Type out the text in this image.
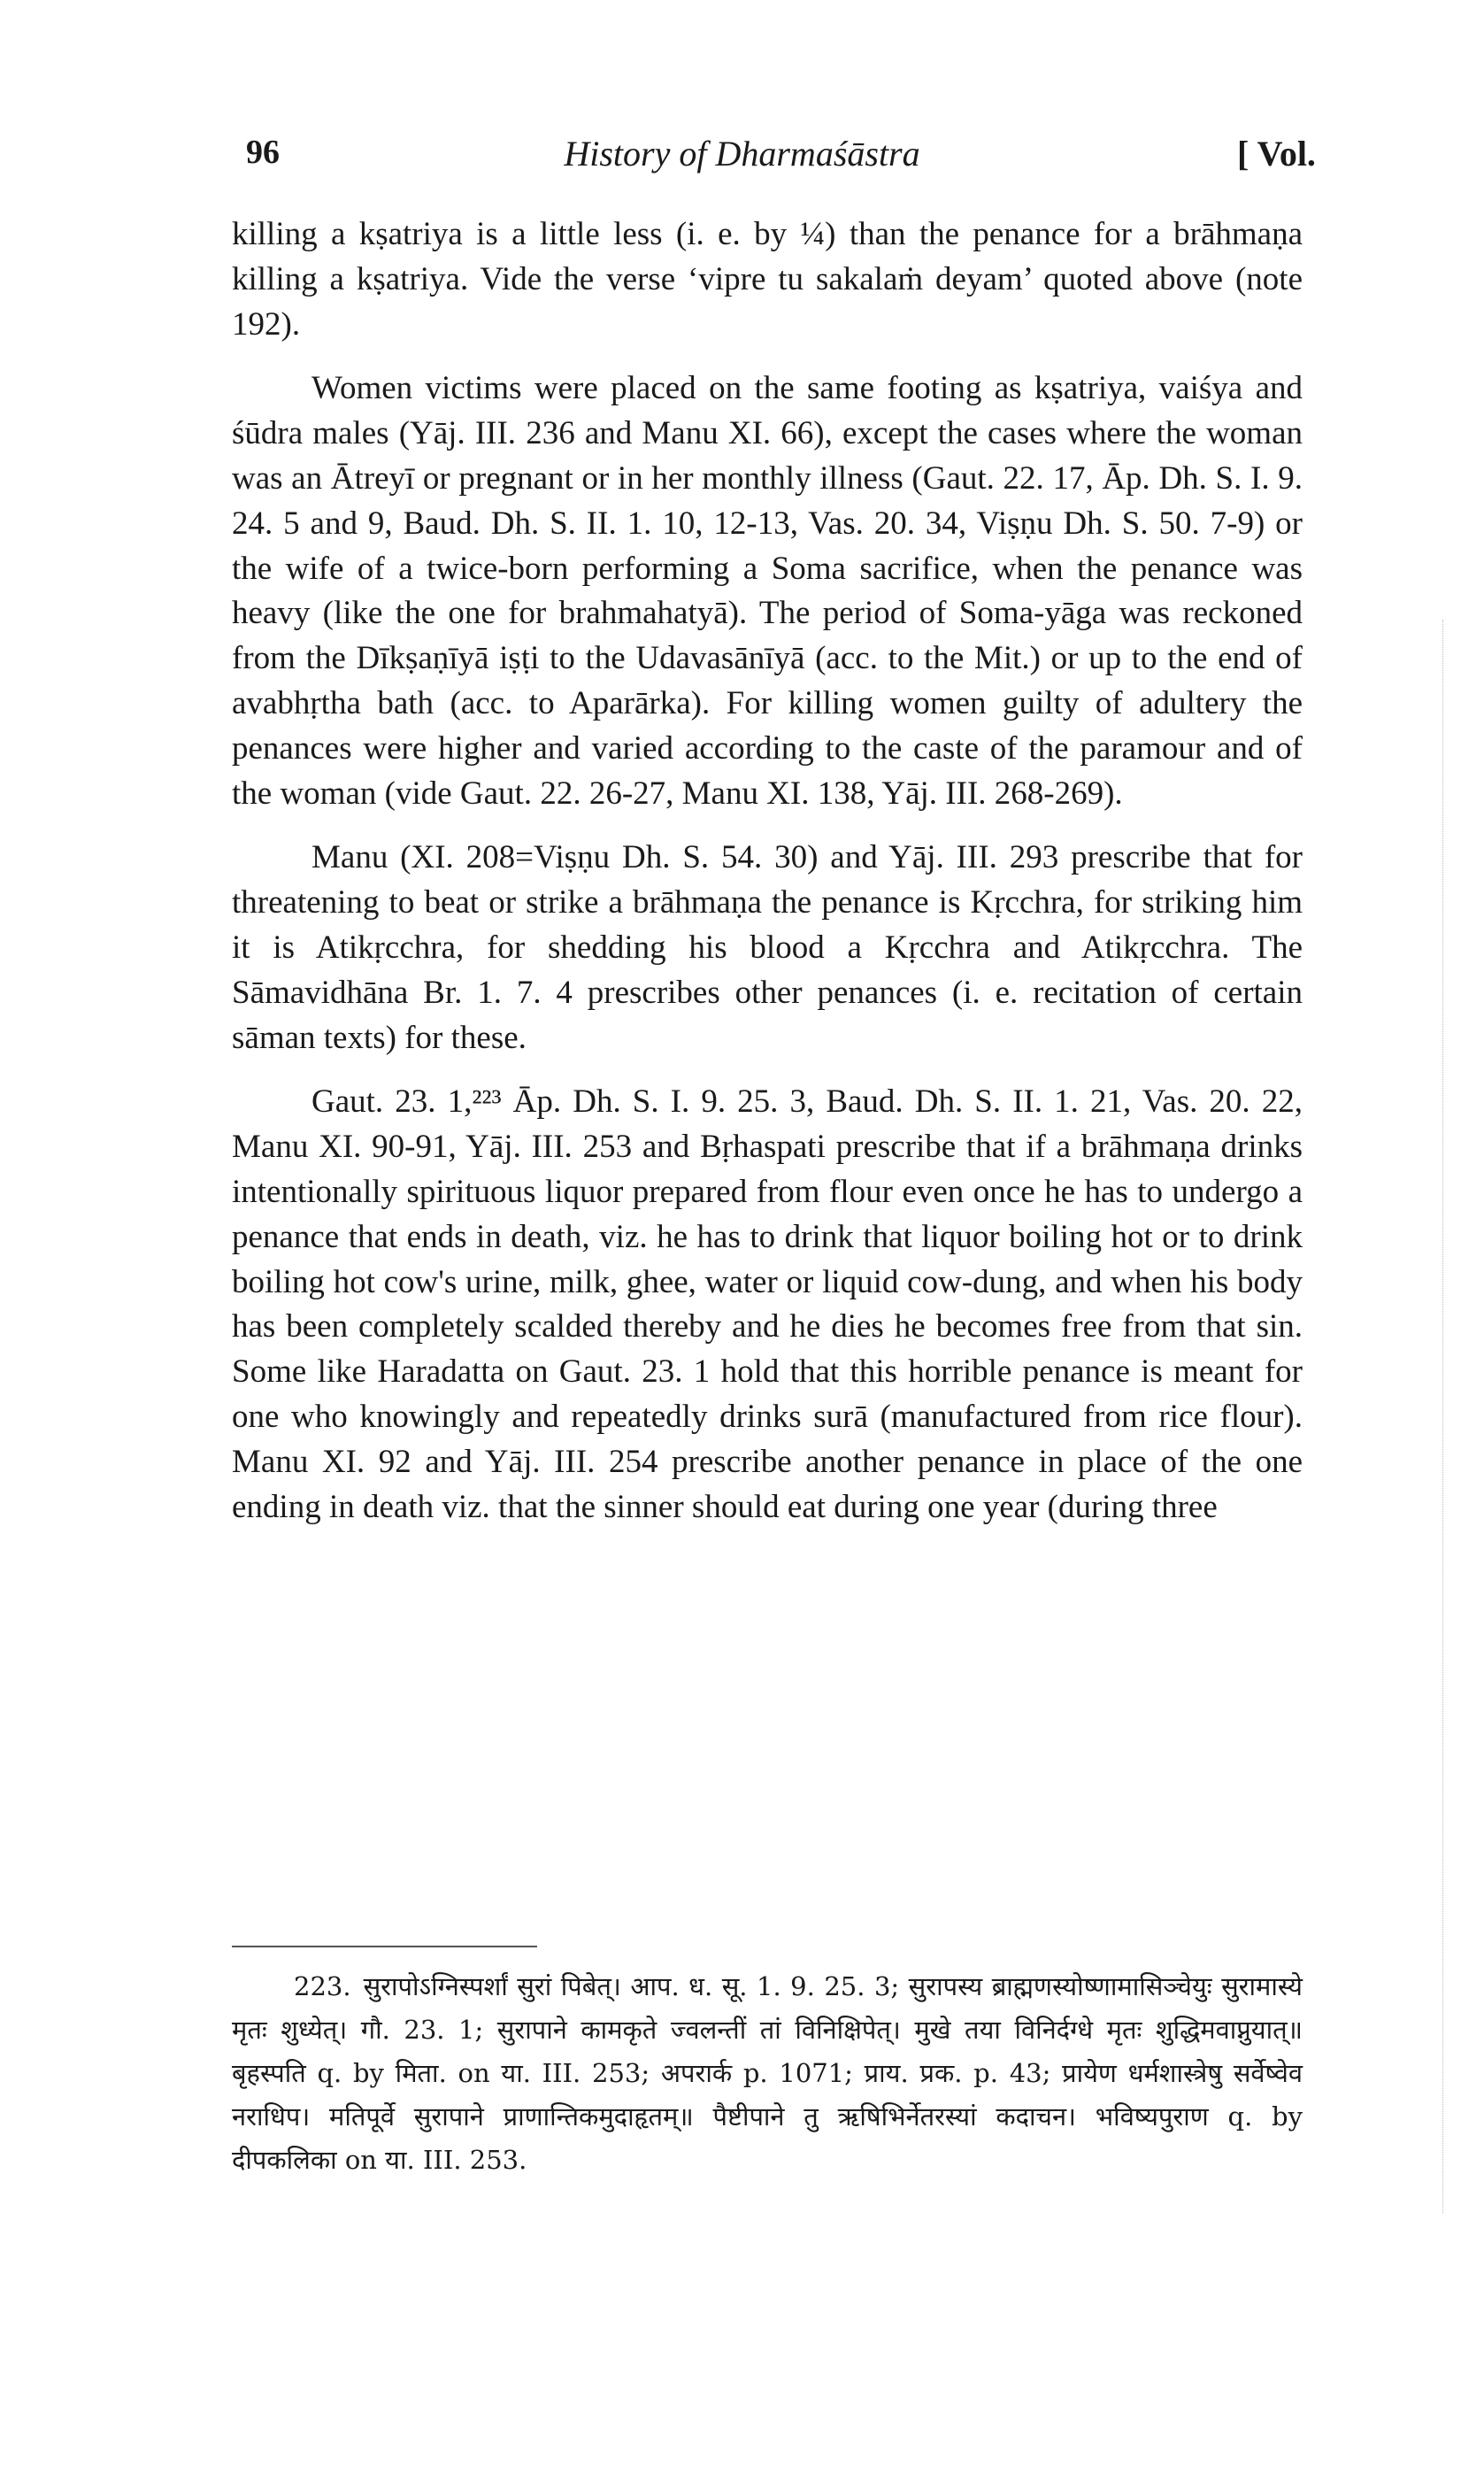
96	History of Dharmaśāstra	[ Vol.

killing a kṣatriya is a little less (i. e. by ¼) than the penance for a brāhmaṇa killing a kṣatriya. Vide the verse ‘vipre tu sakalaṁ deyam’ quoted above (note 192).

Women victims were placed on the same footing as kṣatriya, vaiśya and śūdra males (Yāj. III. 236 and Manu XI. 66), except the cases where the woman was an Ātreyī or pregnant or in her monthly illness (Gaut. 22. 17, Āp. Dh. S. I. 9. 24. 5 and 9, Baud. Dh. S. II. 1. 10, 12-13, Vas. 20. 34, Viṣṇu Dh. S. 50. 7-9) or the wife of a twice-born performing a Soma sacrifice, when the penance was heavy (like the one for brahmahatyā). The period of Soma-yāga was reckoned from the Dīkṣaṇīyā iṣṭi to the Udavasānīyā (acc. to the Mit.) or up to the end of avabhṛtha bath (acc. to Aparārka). For killing women guilty of adultery the penances were higher and varied according to the caste of the paramour and of the woman (vide Gaut. 22. 26-27, Manu XI. 138, Yāj. III. 268-269).

Manu (XI. 208=Viṣṇu Dh. S. 54. 30) and Yāj. III. 293 prescribe that for threatening to beat or strike a brāhmaṇa the penance is Kṛcchra, for striking him it is Atikṛcchra, for shedding his blood a Kṛcchra and Atikṛcchra. The Sāmavidhāna Br. 1. 7. 4 prescribes other penances (i. e. recitation of certain sāman texts) for these.

Gaut. 23. 1,²²³ Āp. Dh. S. I. 9. 25. 3, Baud. Dh. S. II. 1. 21, Vas. 20. 22, Manu XI. 90-91, Yāj. III. 253 and Bṛhaspati prescribe that if a brāhmaṇa drinks intentionally spirituous liquor prepared from flour even once he has to undergo a penance that ends in death, viz. he has to drink that liquor boiling hot or to drink boiling hot cow's urine, milk, ghee, water or liquid cow-dung, and when his body has been completely scalded thereby and he dies he becomes free from that sin. Some like Haradatta on Gaut. 23. 1 hold that this horrible penance is meant for one who knowingly and repeatedly drinks surā (manufactured from rice flour). Manu XI. 92 and Yāj. III. 254 prescribe another penance in place of the one ending in death viz. that the sinner should eat during one year (during three

223. सुरापोऽग्निस्पर्शां सुरां पिबेत्। आप. ध. सू. 1. 9. 25. 3; सुरापस्य ब्राह्मणस्योष्णामासिञ्चेयुः सुरामास्ये मृतः शुध्येत्। गौ. 23. 1; सुरापाने कामकृते ज्वलन्तीं तां विनिक्षिपेत्। मुखे तया विनिर्दग्धे मृतः शुद्धिमवाप्नुयात्॥ बृहस्पति q. by मिता. on या. III. 253; अपरार्क p. 1071; प्राय. प्रक. p. 43; प्रायेण धर्मशास्त्रेषु सर्वेष्वेव नराधिप। मतिपूर्वे सुरापाने प्राणान्तिकमुदाहृतम्॥ पैष्टीपाने तु ऋषिभिर्नेतरस्यां कदाचन। भविष्यपुराण q. by दीपकलिका on या. III. 253.
